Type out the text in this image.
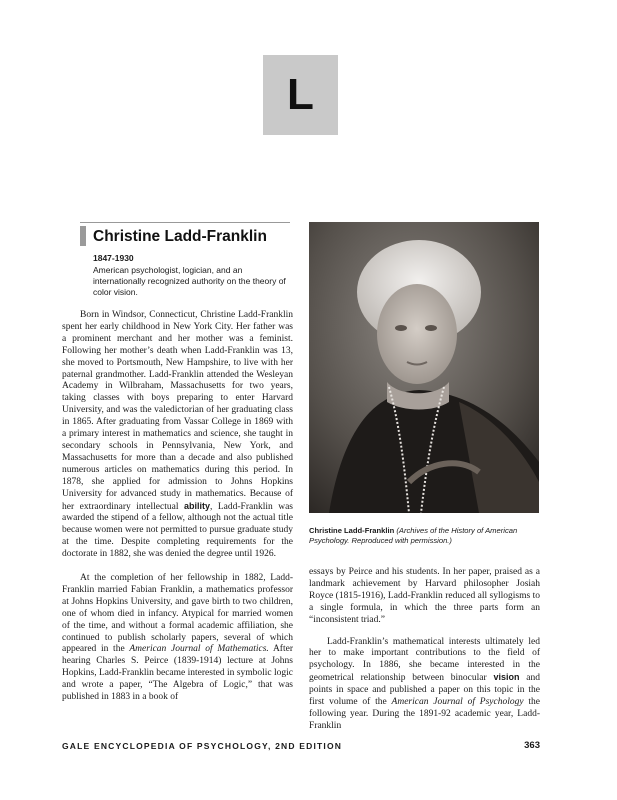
L
Christine Ladd-Franklin
1847-1930
American psychologist, logician, and an internationally recognized authority on the theory of color vision.

Born in Windsor, Connecticut, Christine Ladd-Franklin spent her early childhood in New York City. Her father was a prominent merchant and her mother was a feminist. Following her mother’s death when Ladd-Franklin was 13, she moved to Portsmouth, New Hampshire, to live with her paternal grandmother. Ladd-Franklin attended the Wesleyan Academy in Wilbraham, Massachusetts for two years, taking classes with boys preparing to enter Harvard University, and was the valedictorian of her graduating class in 1865. After graduating from Vassar College in 1869 with a primary interest in mathematics and science, she taught in secondary schools in Pennsylvania, New York, and Massachusetts for more than a decade and also published numerous articles on mathematics during this period. In 1878, she applied for admission to Johns Hopkins University for advanced study in mathematics. Because of her extraordinary intellectual ability, Ladd-Franklin was awarded the stipend of a fellow, although not the actual title because women were not permitted to pursue graduate study at the time. Despite completing requirements for the doctorate in 1882, she was denied the degree until 1926.

At the completion of her fellowship in 1882, Ladd-Franklin married Fabian Franklin, a mathematics professor at Johns Hopkins University, and gave birth to two children, one of whom died in infancy. Atypical for married women of the time, and without a formal academic affiliation, she continued to publish scholarly papers, several of which appeared in the American Journal of Mathematics. After hearing Charles S. Peirce (1839-1914) lecture at Johns Hopkins, Ladd-Franklin became interested in symbolic logic and wrote a paper, “The Algebra of Logic,” that was published in 1883 in a book of

Christine Ladd-Franklin (Archives of the History of American Psychology. Reproduced with permission.)

essays by Peirce and his students. In her paper, praised as a landmark achievement by Harvard philosopher Josiah Royce (1815-1916), Ladd-Franklin reduced all syllogisms to a single formula, in which the three parts form an “inconsistent triad.”

Ladd-Franklin’s mathematical interests ultimately led her to make important contributions to the field of psychology. In 1886, she became interested in the geometrical relationship between binocular vision and points in space and published a paper on this topic in the first volume of the American Journal of Psychology the following year. During the 1891-92 academic year, Ladd-Franklin

GALE ENCYCLOPEDIA OF PSYCHOLOGY, 2ND EDITION	363
